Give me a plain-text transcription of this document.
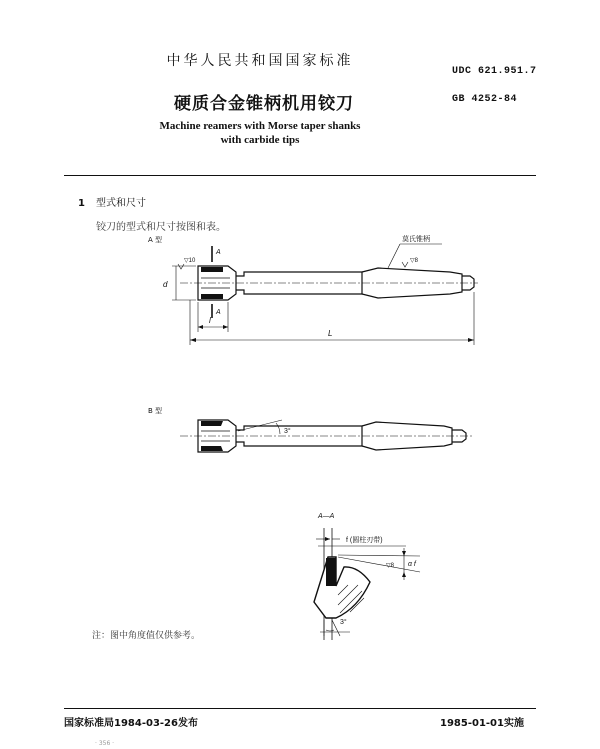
中华人民共和国国家标准
UDC 621.951.7
硬质合金锥柄机用铰刀	GB 4252-84
Machine reamers with Morse taper shanks
with carbide tips
1 型式和尺寸
铰刀的型式和尺寸按图和表。
A 型
B 型
莫氏锥柄
▽10	▽8
d
l
L
A
A
3°
A—A
f (圆柱刃带)
▽8 α f
3°
注：图中角度值仅供参考。
国家标准局1984-03-26发布	1985-01-01实施
· 356 ·
